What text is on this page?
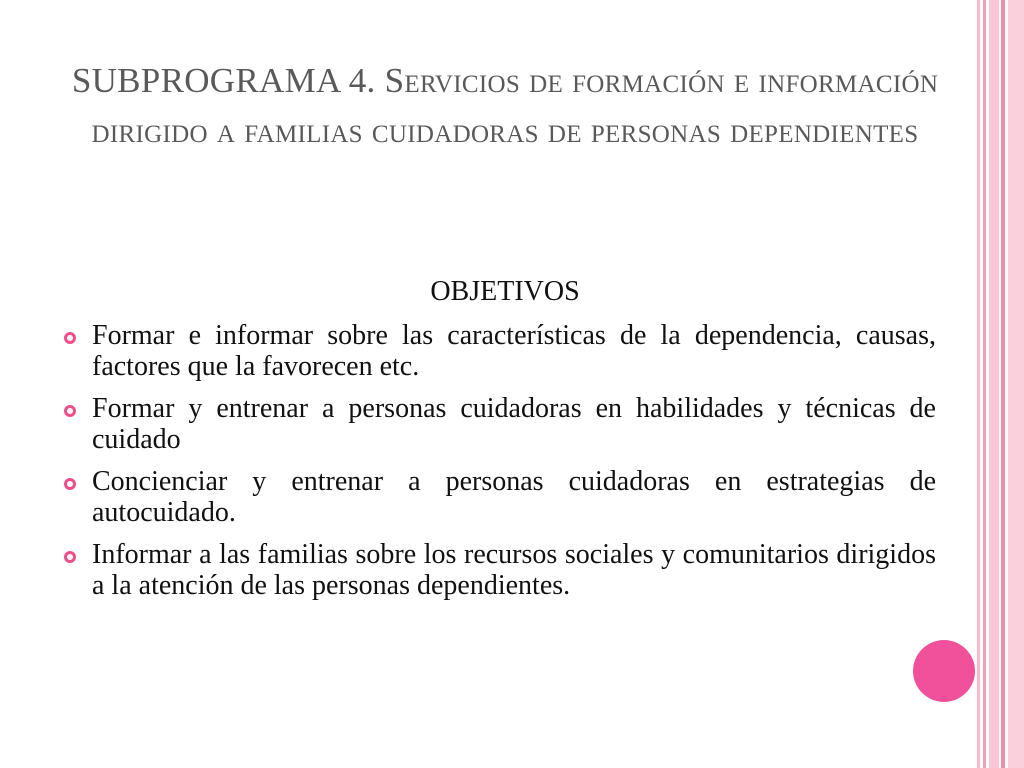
SUBPROGRAMA 4. Servicios de formación e información dirigido a familias cuidadoras de personas dependientes
OBJETIVOS
Formar e informar sobre las características de la dependencia, causas, factores que la favorecen etc.
Formar y entrenar a personas cuidadoras en habilidades y técnicas de cuidado
Concienciar y entrenar a personas cuidadoras en estrategias de autocuidado.
Informar a las familias sobre los recursos sociales y comunitarios dirigidos a la atención de las personas dependientes.
